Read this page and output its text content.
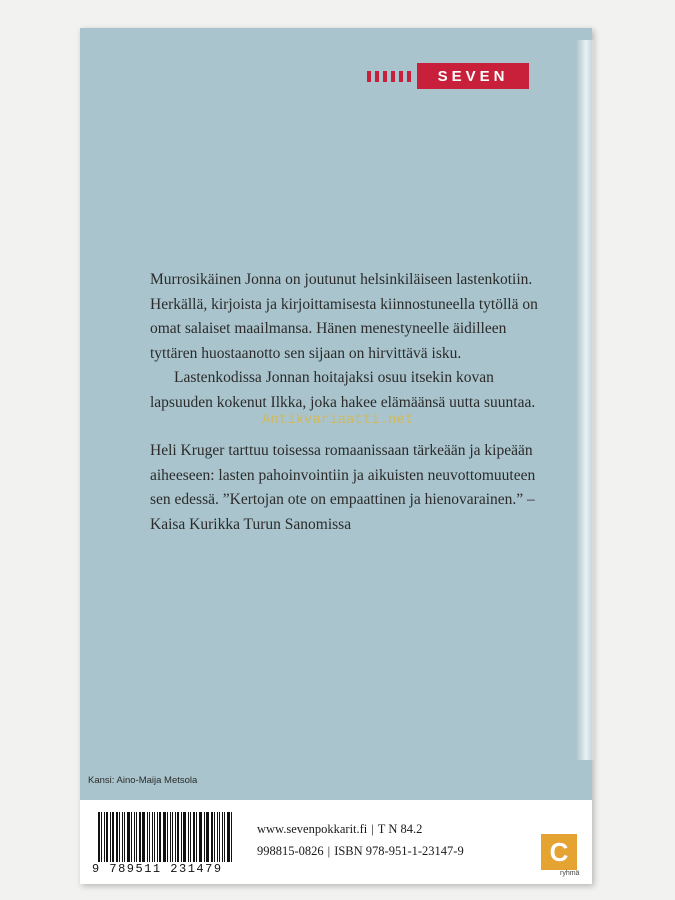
SEVEN

Murrosikäinen Jonna on joutunut helsinkiläiseen lastenkotiin. Herkällä, kirjoista ja kirjoittamisesta kiinnostuneella tytöllä on omat salaiset maailmansa. Hänen menestyneelle äidilleen tyttären huostaanotto sen sijaan on hirvittävä isku.

Lastenkodissa Jonnan hoitajaksi osuu itsekin kovan lapsuuden kokenut Ilkka, joka hakee elämäänsä uutta suuntaa.

Heli Kruger tarttuu toisessa romaanissaan tärkeään ja kipeään aiheeseen: lasten pahoinvointiin ja aikuisten neuvottomuuteen sen edessä. ”Kertojan ote on empaattinen ja hienovarainen.” – Kaisa Kurikka Turun Sanomissa

Antikvariaatti.net
Kansi: Aino-Maija Metsola
9 789511 231479
www.sevenpokkarit.fi | T N 84.2
998815-0826 | ISBN 978-951-1-23147-9	C
ryhmä
